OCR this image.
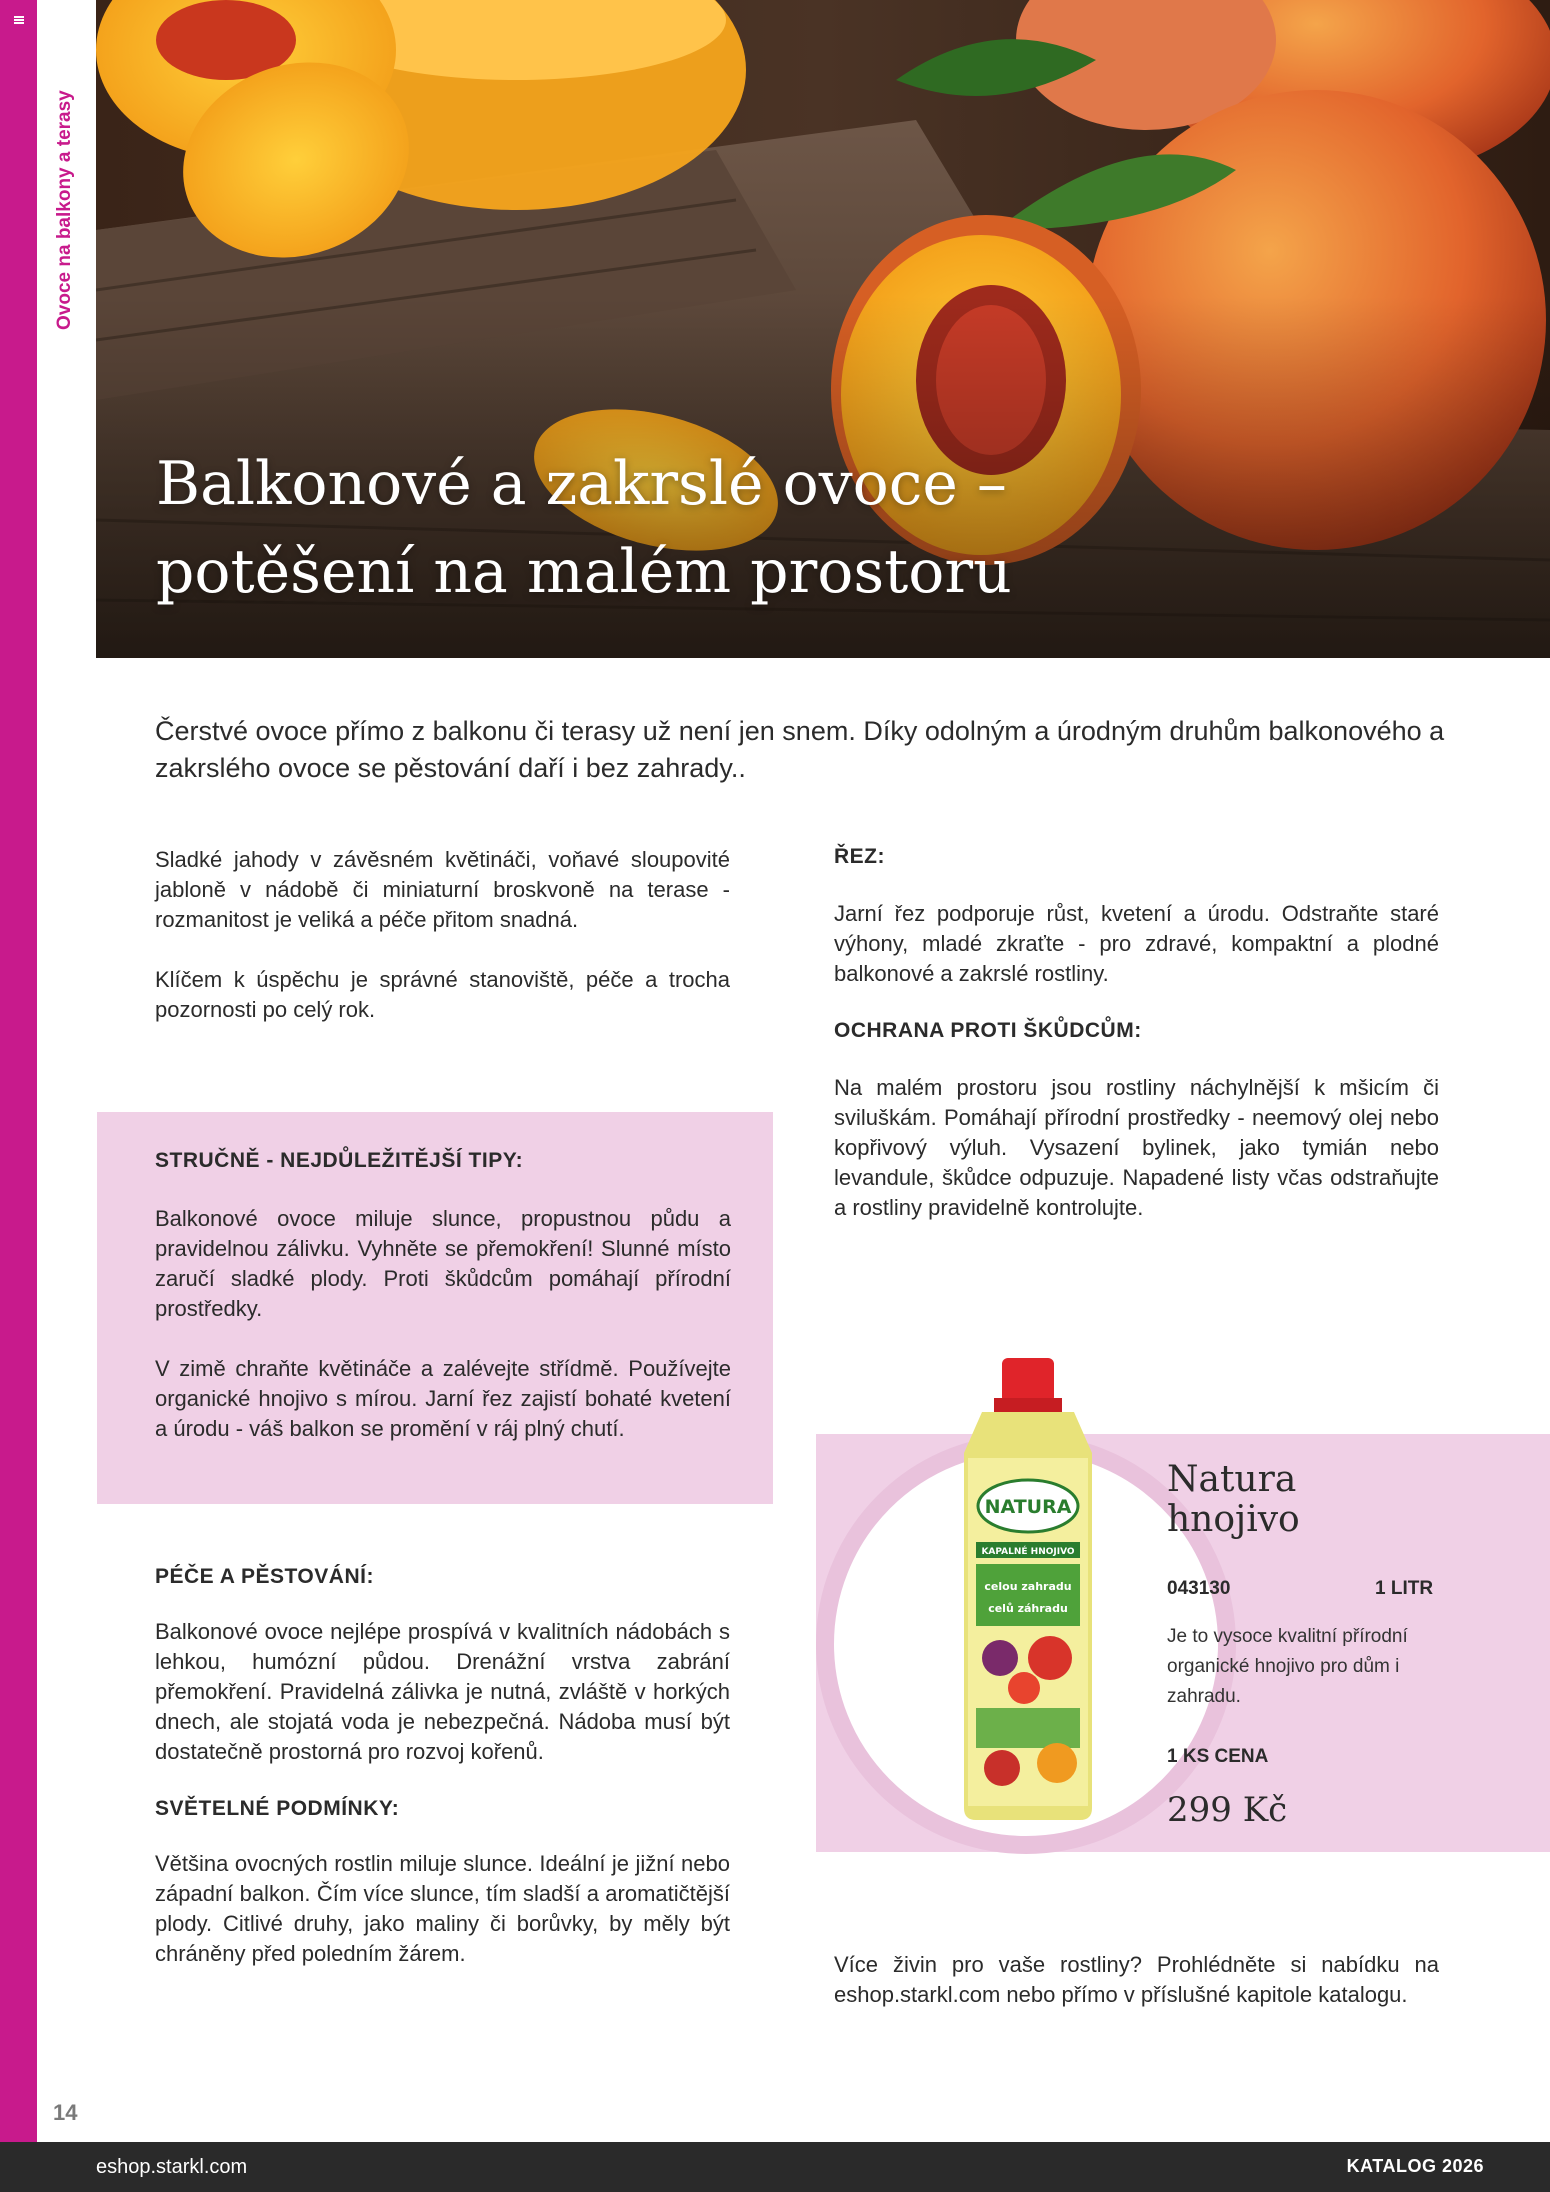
Ovoce na balkony a terasy
Balkonové a zakrslé ovoce –
potěšení na malém prostoru
Čerstvé ovoce přímo z balkonu či terasy už není jen snem. Díky odolným a úrodným druhům balkonového a zakrslého ovoce se pěstování daří i bez zahrady..

Sladké jahody v závěsném květináči, voňavé sloupovité jabloně v nádobě či miniaturní broskvoně na terase - rozmanitost je veliká a péče přitom snadná.

Klíčem k úspěchu je správné stanoviště, péče a trocha pozornosti po celý rok.

STRUČNĚ - NEJDŮLEŽITĚJŠÍ TIPY:

Balkonové ovoce miluje slunce, propustnou půdu a pravidelnou zálivku. Vyhněte se přemokření! Slunné místo zaručí sladké plody. Proti škůdcům pomáhají přírodní prostředky.

V zimě chraňte květináče a zalévejte střídmě. Používejte organické hnojivo s mírou. Jarní řez zajistí bohaté kvetení a úrodu - váš balkon se promění v ráj plný chutí.

PÉČE A PĚSTOVÁNÍ:

Balkonové ovoce nejlépe prospívá v kvalitních nádobách s lehkou, humózní půdou. Drenážní vrstva zabrání přemokření. Pravidelná zálivka je nutná, zvláště v horkých dnech, ale stojatá voda je nebezpečná. Nádoba musí být dostatečně prostorná pro rozvoj kořenů.

SVĚTELNÉ PODMÍNKY:

Většina ovocných rostlin miluje slunce. Ideální je jižní nebo západní balkon. Čím více slunce, tím sladší a aromatičtější plody. Citlivé druhy, jako maliny či borůvky, by měly být chráněny před poledním žárem.

ŘEZ:

Jarní řez podporuje růst, kvetení a úrodu. Odstraňte staré výhony, mladé zkraťte - pro zdravé, kompaktní a plodné balkonové a zakrslé rostliny.

OCHRANA PROTI ŠKŮDCŮM:

Na malém prostoru jsou rostliny náchylnější k mšicím či sviluškám. Pomáhají přírodní prostředky - neemový olej nebo kopřivový výluh. Vysazení bylinek, jako tymián nebo levandule, škůdce odpuzuje. Napadené listy včas odstraňujte a rostliny pravidelně kontrolujte.

NATURA
KAPALNÉ HNOJIVO
celou zahradu
celů záhradu
Natura
hnojivo
043130	1 LITR
Je to vysoce kvalitní přírodní organické hnojivo pro dům i zahradu.
1 KS CENA
299 Kč

Více živin pro vaše rostliny? Prohlédněte si nabídku na eshop.starkl.com nebo přímo v příslušné kapitole katalogu.

14
eshop.starkl.com	KATALOG 2026
